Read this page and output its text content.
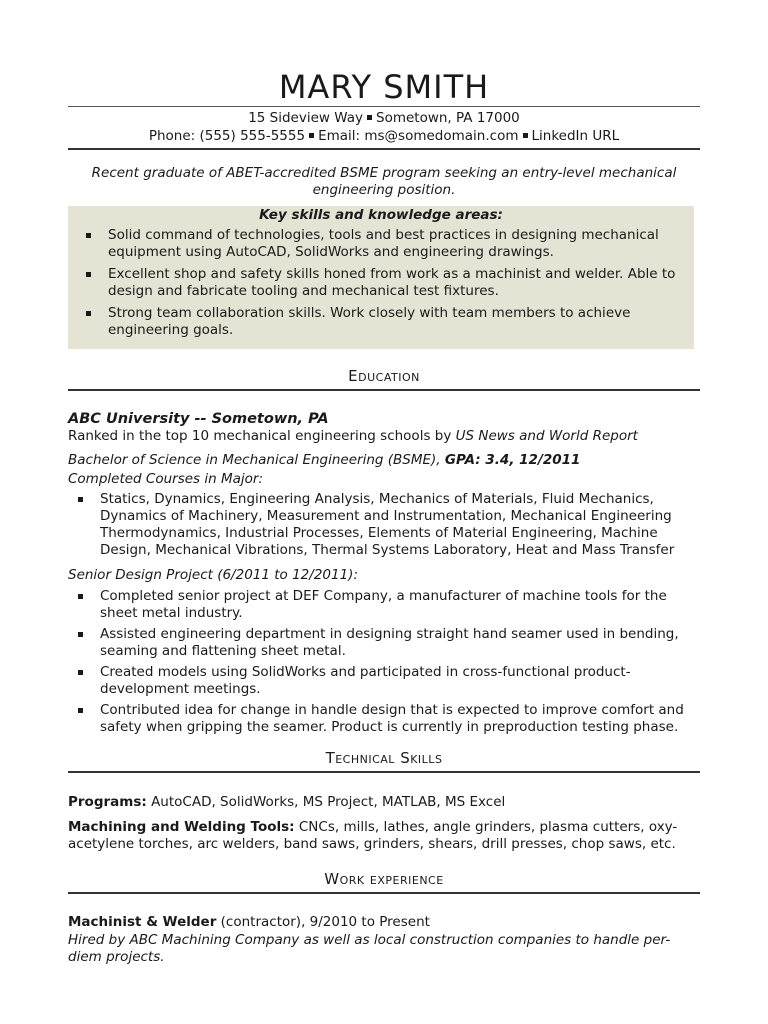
MARY SMITH
15 Sideview Way Sometown, PA 17000
Phone: (555) 555-5555 Email: ms@somedomain.com LinkedIn URL
Recent graduate of ABET-accredited BSME program seeking an entry-level mechanical engineering position.
Key skills and knowledge areas:
Solid command of technologies, tools and best practices in designing mechanical equipment using AutoCAD, SolidWorks and engineering drawings.
Excellent shop and safety skills honed from work as a machinist and welder. Able to design and fabricate tooling and mechanical test fixtures.
Strong team collaboration skills. Work closely with team members to achieve engineering goals.
Education
ABC University -- Sometown, PA
Ranked in the top 10 mechanical engineering schools by US News and World Report
Bachelor of Science in Mechanical Engineering (BSME), GPA: 3.4, 12/2011
Completed Courses in Major:
Statics, Dynamics, Engineering Analysis, Mechanics of Materials, Fluid Mechanics, Dynamics of Machinery, Measurement and Instrumentation, Mechanical Engineering Thermodynamics, Industrial Processes, Elements of Material Engineering, Machine Design, Mechanical Vibrations, Thermal Systems Laboratory, Heat and Mass Transfer
Senior Design Project (6/2011 to 12/2011):
Completed senior project at DEF Company, a manufacturer of machine tools for the sheet metal industry.
Assisted engineering department in designing straight hand seamer used in bending, seaming and flattening sheet metal.
Created models using SolidWorks and participated in cross-functional product-development meetings.
Contributed idea for change in handle design that is expected to improve comfort and safety when gripping the seamer. Product is currently in preproduction testing phase.
Technical Skills
Programs: AutoCAD, SolidWorks, MS Project, MATLAB, MS Excel
Machining and Welding Tools: CNCs, mills, lathes, angle grinders, plasma cutters, oxy-acetylene torches, arc welders, band saws, grinders, shears, drill presses, chop saws, etc.
Work experience
Machinist & Welder (contractor), 9/2010 to Present
Hired by ABC Machining Company as well as local construction companies to handle per-diem projects.
